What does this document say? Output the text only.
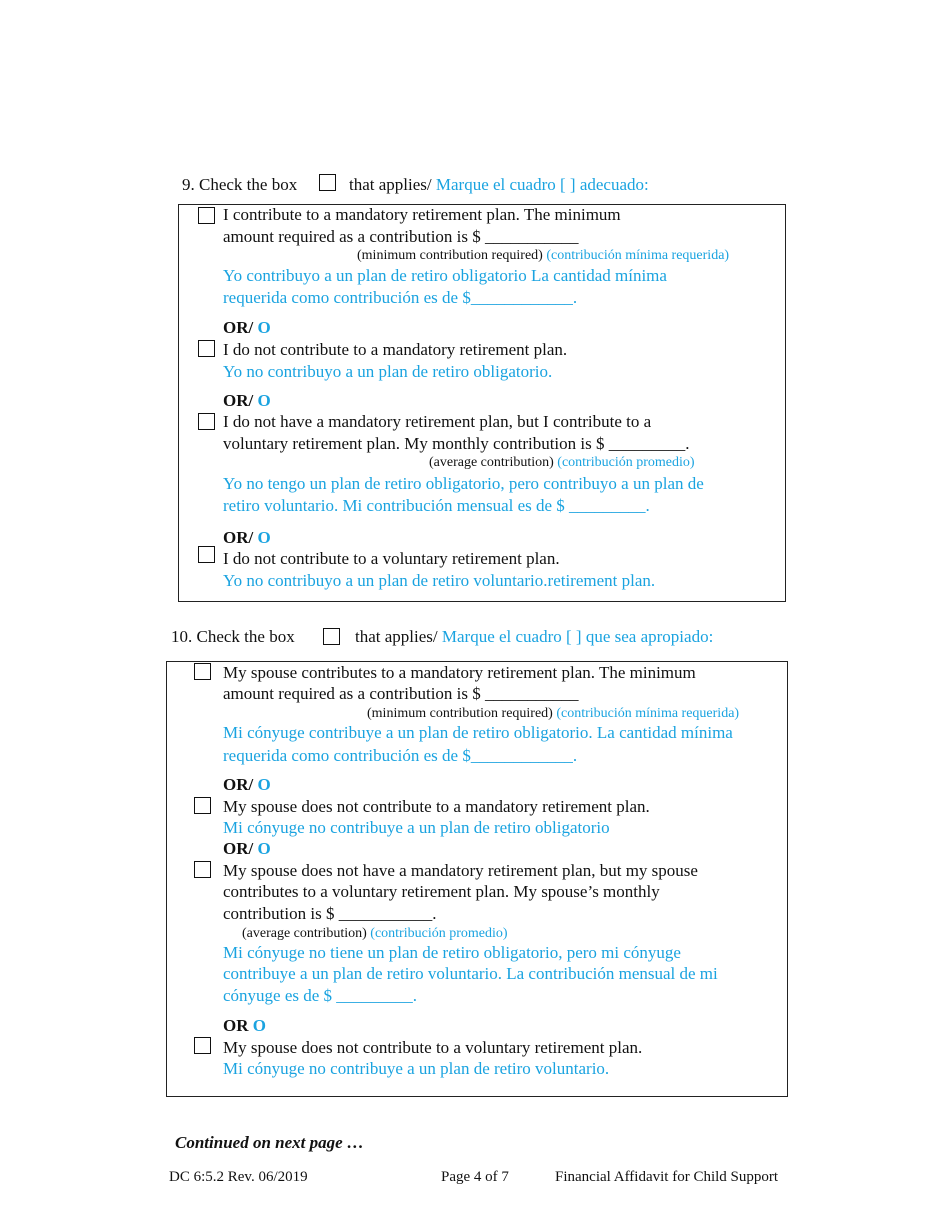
9. Check the box	that applies/ Marque el cuadro [ ] adecuado:
I contribute to a mandatory retirement plan. The minimum
amount required as a contribution is $ ___________
(minimum contribution required) (contribución mínima requerida)
Yo contribuyo a un plan de retiro obligatorio La cantidad mínima
requerida como contribución es de $____________.
OR/ O
I do not contribute to a mandatory retirement plan.
Yo no contribuyo a un plan de retiro obligatorio.
OR/ O
I do not have a mandatory retirement plan, but I contribute to a
voluntary retirement plan. My monthly contribution is $ _________.
(average contribution) (contribución promedio)
Yo no tengo un plan de retiro obligatorio, pero contribuyo a un plan de
retiro voluntario. Mi contribución mensual es de $ _________.
OR/ O
I do not contribute to a voluntary retirement plan.
Yo no contribuyo a un plan de retiro voluntario.retirement plan.
10. Check the box	that applies/ Marque el cuadro [ ] que sea apropiado:
My spouse contributes to a mandatory retirement plan. The minimum
amount required as a contribution is $ ___________
(minimum contribution required) (contribución mínima requerida)
Mi cónyuge contribuye a un plan de retiro obligatorio. La cantidad mínima
requerida como contribución es de $____________.
OR/ O
My spouse does not contribute to a mandatory retirement plan.
Mi cónyuge no contribuye a un plan de retiro obligatorio
OR/ O
My spouse does not have a mandatory retirement plan, but my spouse
contributes to a voluntary retirement plan. My spouse’s monthly
contribution is $ ___________.
(average contribution) (contribución promedio)
Mi cónyuge no tiene un plan de retiro obligatorio, pero mi cónyuge
contribuye a un plan de retiro voluntario. La contribución mensual de mi
cónyuge es de $ _________.
OR O
My spouse does not contribute to a voluntary retirement plan.
Mi cónyuge no contribuye a un plan de retiro voluntario.
Continued on next page …
DC 6:5.2 Rev. 06/2019	Page 4 of 7	Financial Affidavit for Child Support
